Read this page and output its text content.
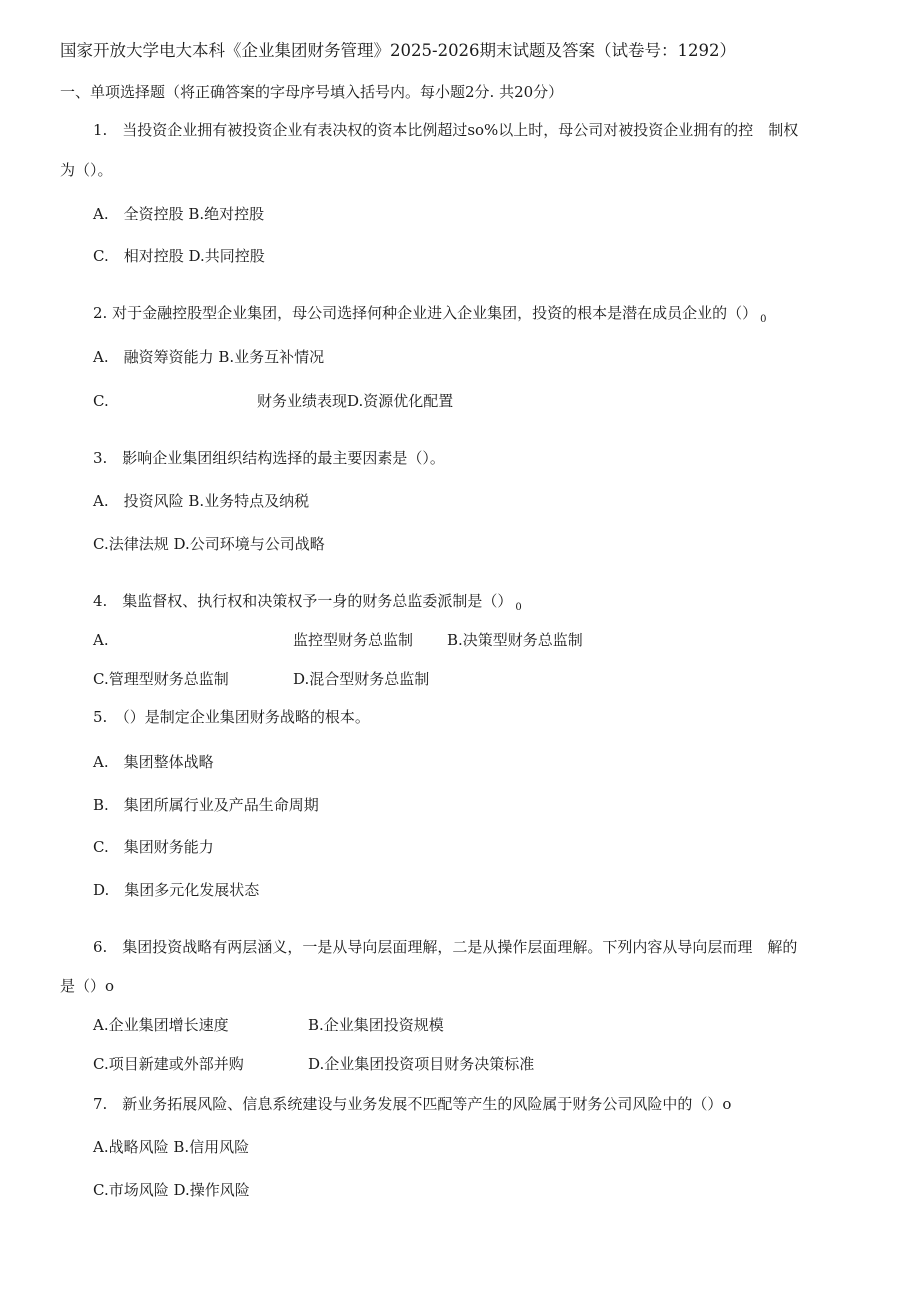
国家开放大学电大本科《企业集团财务管理》2025-2026期末试题及答案（试卷号：1292）
一、单项选择题（将正确答案的字母序号填入括号内。每小题2分. 共20分）
1.　当投资企业拥有被投资企业有表决权的资本比例超过so%以上时，母公司对被投资企业拥有的控　制权
为（）。
A.　全资控股 B.绝对控股
C.　相对控股 D.共同控股
2. 对于金融控股型企业集团，母公司选择何种企业进入企业集团，投资的根本是潜在成员企业的（） $_0$
A.　融资筹资能力 B.业务互补情况
C.	财务业绩表现D.资源优化配置
3.　影响企业集团组织结构选择的最主要因素是（）。
A.　投资风险 B.业务特点及纳税
C.法律法规 D.公司环境与公司战略
4.　集监督权、执行权和决策权予一身的财务总监委派制是（） $_0$
A.	监控型财务总监制 B.决策型财务总监制
C.管理型财务总监制	D.混合型财务总监制
5.　（）是制定企业集团财务战略的根本。
A.　集团整体战略
B.　集团所属行业及产品生命周期
C.　集团财务能力
D.　集团多元化发展状态
6.　集团投资战略有两层涵义，一是从导向层面理解，二是从操作层面理解。下列内容从导向层而理　解的
是（）o
A.企业集团增长速度	B.企业集团投资规模
C.项目新建或外部并购	D.企业集团投资项目财务决策标准
7.　新业务拓展风险、信息系统建设与业务发展不匹配等产生的风险属于财务公司风险中的（）o
A.战略风险 B.信用风险
C.市场风险 D.操作风险
